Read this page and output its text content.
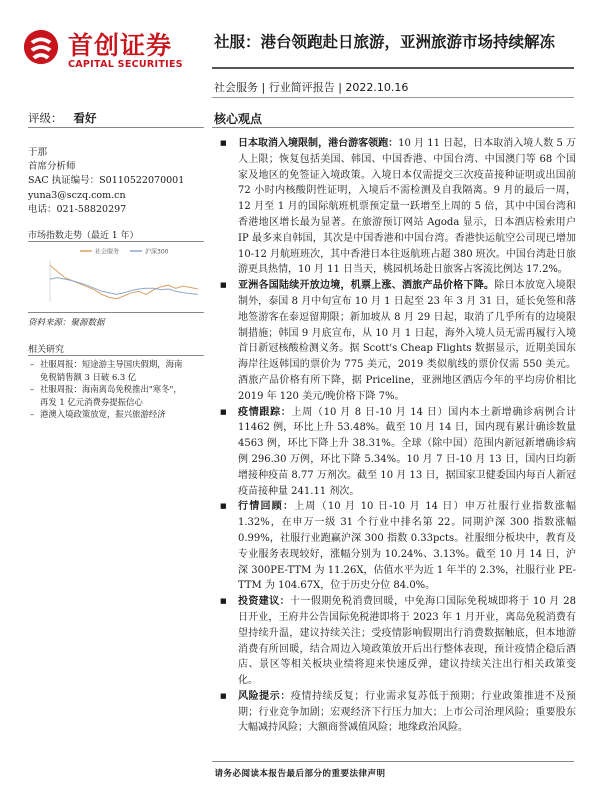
首创证券
CAPITAL SECURITIES
社服：港台领跑赴日旅游，亚洲旅游市场持续解冻
社会服务 | 行业简评报告 | 2022.10.16
评级： 看好	核心观点
于那
首席分析师
SAC 执证编号：S0110522070001
yuna3@sczq.com.cn
电话：021-58820297
市场指数走势（最近 1 年）
社会服务	沪深300
资料来源：聚源数据
相关研究
– 社服周报：短途游主导国庆假期，海南

免税销售额 3 日破 6.3 亿
– 社服周报：海南离岛免税推出"寒冬"，

再发 1 亿元消费券提振信心
– 港澳入境政策放宽，振兴旅游经济
■ 日本取消入境限制，港台游客领跑：10 月 11 日起，日本取消入境人数 5 万人上限；恢复包括美国、韩国、中国香港、中国台湾、中国澳门等 68 个国家及地区的免签证入境政策。入境日本仅需提交三次疫苗接种证明或出国前 72 小时内核酸阴性证明，入境后不需检测及自我隔离。9 月的最后一周，12 月至 1 月的国际航班机票预定量一跃增至上周的 5 倍，其中中国台湾和香港地区增长最为显著。在旅游预订网站 Agoda 显示，日本酒店检索用户 IP 最多来自韩国，其次是中国香港和中国台湾。香港快运航空公司现已增加 10-12 月航班班次，其中香港日本往返航班占超 380 班次。中国台湾赴日旅游更具热情，10 月 11 日当天，桃园机场赴日旅客占客流比例达 17.2%。
■ 亚洲各国陆续开放边境，机票上涨、酒旅产品价格下降。除日本放宽入境限制外，泰国 8 月中旬宣布 10 月 1 日起至 23 年 3 月 31 日，延长免签和落地签游客在泰逗留期限；新加坡从 8 月 29 日起，取消了几乎所有的边境限制措施；韩国 9 月底宣布，从 10 月 1 日起，海外入境人员无需再履行入境首日新冠核酸检测义务。据 Scott's Cheap Flights 数据显示，近期美国东海岸往返韩国的票价为 775 美元，2019 类似航线的票价仅需 550 美元。酒旅产品价格有所下降，据 Priceline，亚洲地区酒店今年的平均房价相比 2019 年 120 美元/晚价格下降 7%。
■ 疫情跟踪：上周（10 月 8 日-10 月 14 日）国内本土新增确诊病例合计 11462 例，环比上升 53.48%。截至 10 月 14 日，国内现有累计确诊数量 4563 例，环比下降上升 38.31%。全球（除中国）范围内新冠新增确诊病例 296.30 万例，环比下降 5.34%。10 月 7 日-10 月 13 日，国内日均新增接种疫苗 8.77 万剂次。截至 10 月 13 日，据国家卫健委国内每百人新冠疫苗接种量 241.11 剂次。
■ 行情回顾：上周（10 月 10 日-10 月 14 日）申万社服行业指数涨幅 1.32%，在申万一级 31 个行业中排名第 22。同期沪深 300 指数涨幅 0.99%，社服行业跑赢沪深 300 指数 0.33pcts。社服细分板块中，教育及专业服务表现较好，涨幅分别为 10.24%、3.13%。截至 10 月 14 日，沪深 300PE-TTM 为 11.26X，估值水平为近 1 年半的 2.3%，社服行业 PE-TTM 为 104.67X，位于历史分位 84.0%。
■ 投资建议：十一假期免税消费回暖，中免海口国际免税城即将于 10 月 28 日开业，王府井公告国际免税港即将于 2023 年 1 月开业，离岛免税消费有望持续升温，建议持续关注；受疫情影响假期出行消费数据触底，但本地游消费有所回暖，结合周边入境政策放开后出行整体表现，预计疫情企稳后酒店、景区等相关板块业绩将迎来快速反弹，建议持续关注出行相关政策变化。
■ 风险提示：疫情持续反复；行业需求复苏低于预期；行业政策推进不及预期；行业竞争加剧；宏观经济下行压力加大；上市公司治理风险；重要股东大幅减持风险；大额商誉减值风险；地缘政治风险。
请务必阅读本报告最后部分的重要法律声明
